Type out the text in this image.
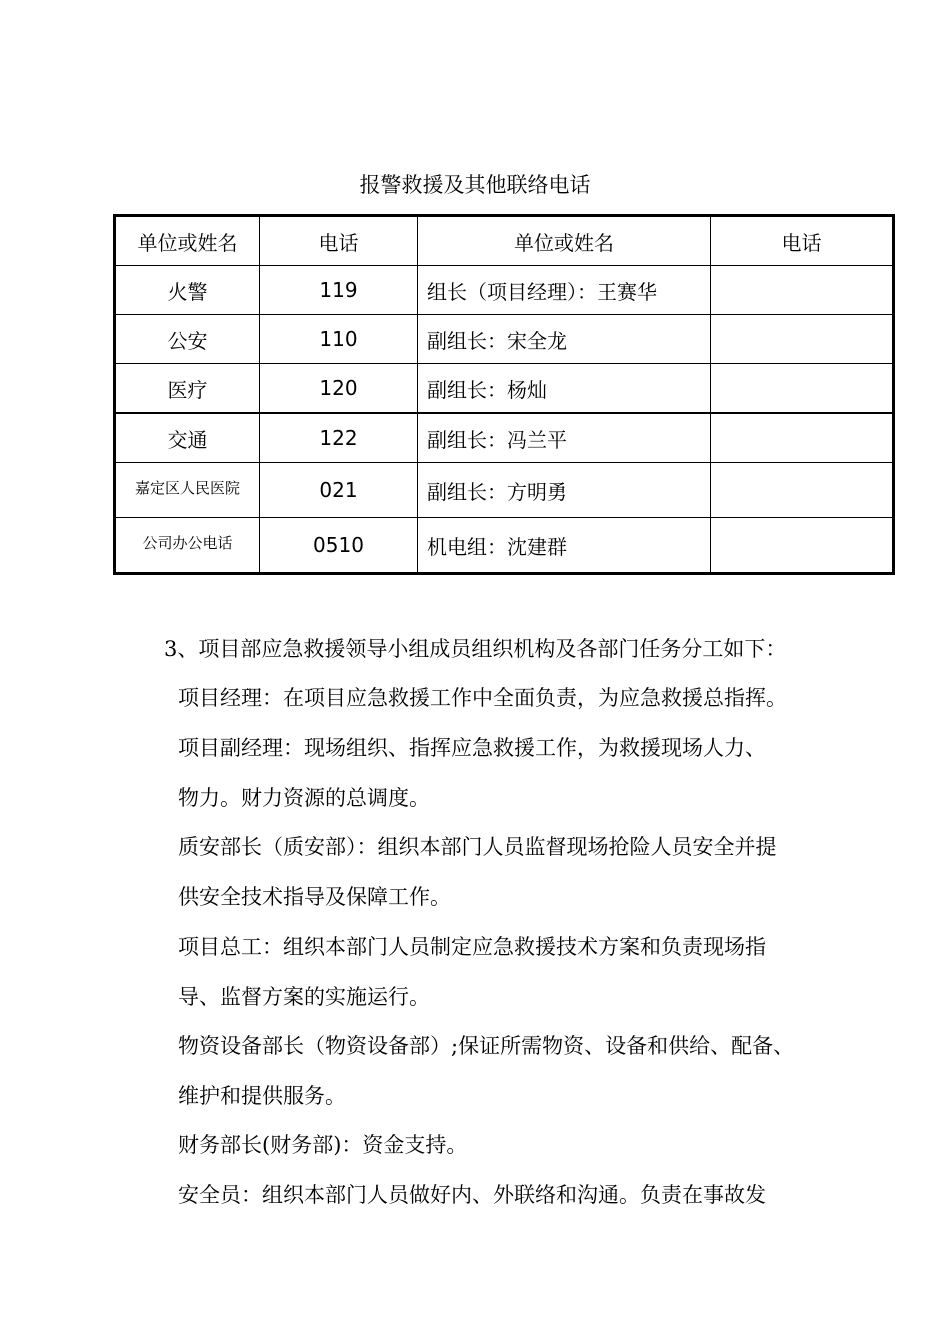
报警救援及其他联络电话
单位或姓名	电话	单位或姓名	电话
火警	119	组长（项目经理）：王赛华	
公安	110	副组长：宋全龙	
医疗	120	副组长：杨灿	
交通	122	副组长：冯兰平	
嘉定区人民医院	021	副组长：方明勇	
公司办公电话	0510	机电组：沈建群	
3、项目部应急救援领导小组成员组织机构及各部门任务分工如下：
项目经理：在项目应急救援工作中全面负责，为应急救援总指挥。
项目副经理：现场组织、指挥应急救援工作，为救援现场人力、
物力。财力资源的总调度。
质安部长（质安部）：组织本部门人员监督现场抢险人员安全并提
供安全技术指导及保障工作。
项目总工：组织本部门人员制定应急救援技术方案和负责现场指
导、监督方案的实施运行。
物资设备部长（物资设备部）;保证所需物资、设备和供给、配备、
维护和提供服务。
财务部长(财务部)：资金支持。
安全员：组织本部门人员做好内、外联络和沟通。负责在事故发
